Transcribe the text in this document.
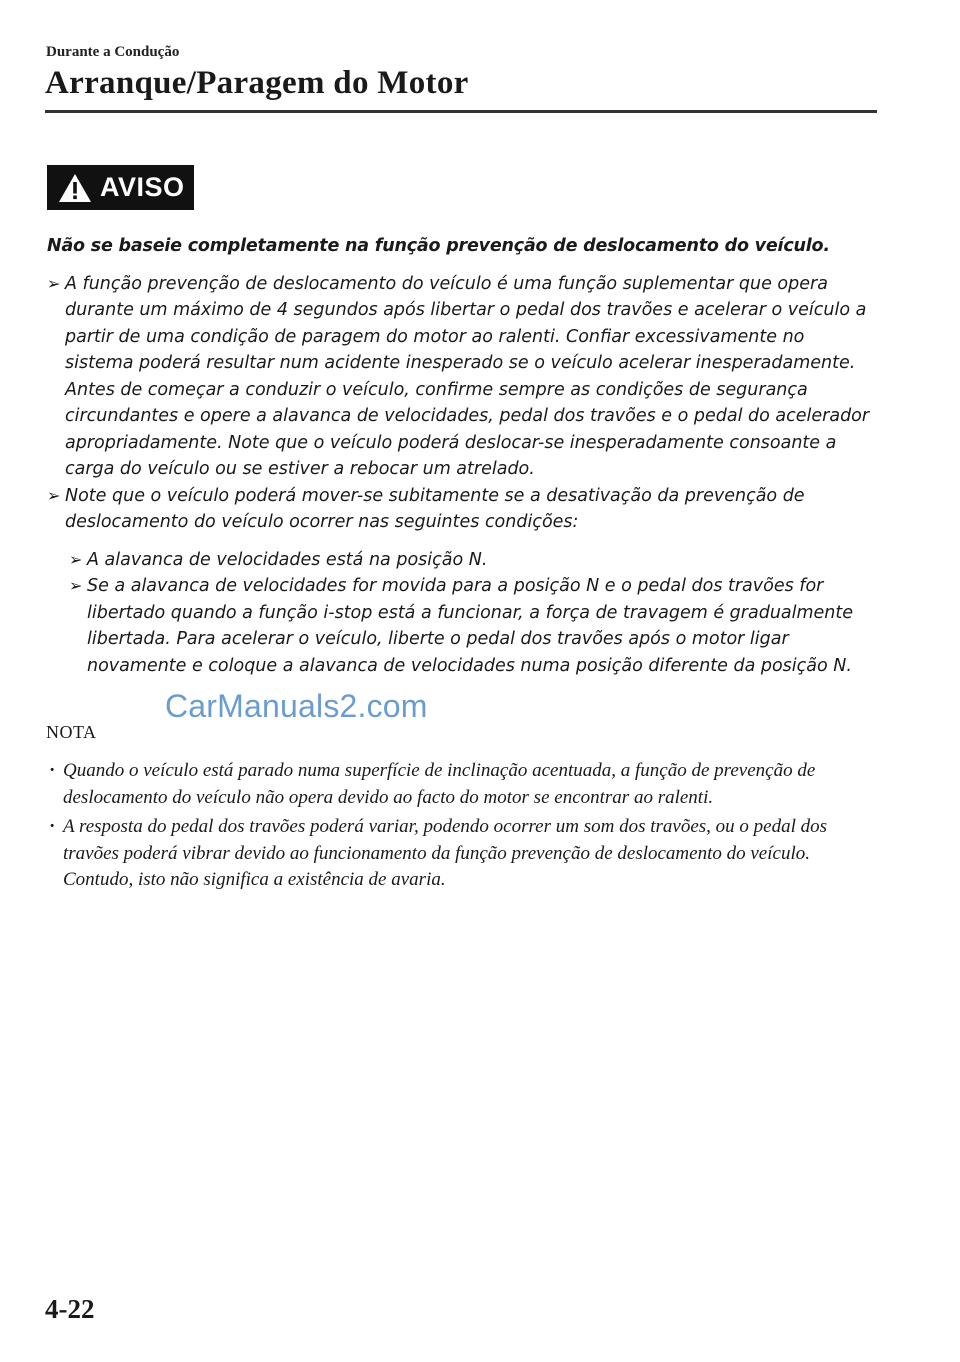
Durante a Condução
Arranque/Paragem do Motor
AVISO

Não se baseie completamente na função prevenção de deslocamento do veículo.

➢ A função prevenção de deslocamento do veículo é uma função suplementar que opera durante um máximo de 4 segundos após libertar o pedal dos travões e acelerar o veículo a partir de uma condição de paragem do motor ao ralenti. Confiar excessivamente no sistema poderá resultar num acidente inesperado se o veículo acelerar inesperadamente. Antes de começar a conduzir o veículo, confirme sempre as condições de segurança circundantes e opere a alavanca de velocidades, pedal dos travões e o pedal do acelerador apropriadamente. Note que o veículo poderá deslocar-se inesperadamente consoante a carga do veículo ou se estiver a rebocar um atrelado.

➢ Note que o veículo poderá mover-se subitamente se a desativação da prevenção de deslocamento do veículo ocorrer nas seguintes condições:

➢ A alavanca de velocidades está na posição N.

➢ Se a alavanca de velocidades for movida para a posição N e o pedal dos travões for libertado quando a função i-stop está a funcionar, a força de travagem é gradualmente libertada. Para acelerar o veículo, liberte o pedal dos travões após o motor ligar novamente e coloque a alavanca de velocidades numa posição diferente da posição N.

CarManuals2.com
NOTA

· Quando o veículo está parado numa superfície de inclinação acentuada, a função de prevenção de deslocamento do veículo não opera devido ao facto do motor se encontrar ao ralenti.

· A resposta do pedal dos travões poderá variar, podendo ocorrer um som dos travões, ou o pedal dos travões poderá vibrar devido ao funcionamento da função prevenção de deslocamento do veículo. Contudo, isto não significa a existência de avaria.

4-22
